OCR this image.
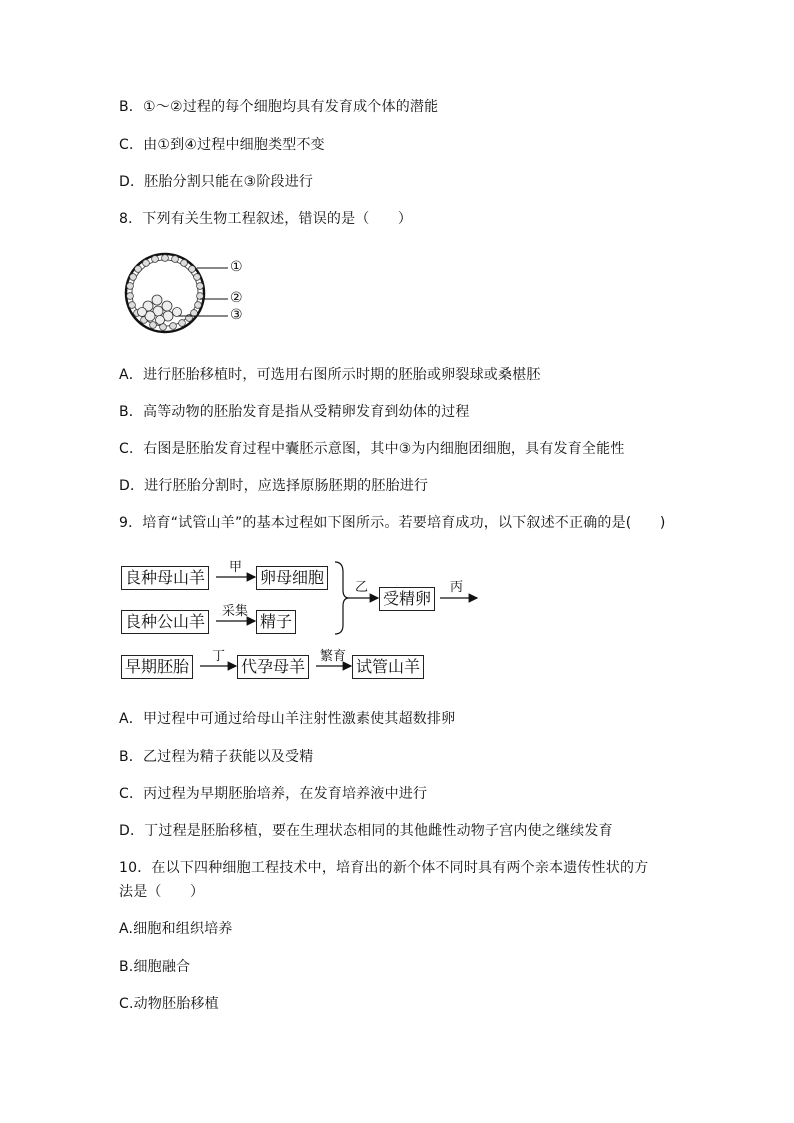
B．①～②过程的每个细胞均具有发育成个体的潜能
C．由①到④过程中细胞类型不变
D．胚胎分割只能在③阶段进行
8．下列有关生物工程叙述，错误的是（　　）
①
②
③
A．进行胚胎移植时，可选用右图所示时期的胚胎或卵裂球或桑椹胚
B．高等动物的胚胎发育是指从受精卵发育到幼体的过程
C．右图是胚胎发育过程中囊胚示意图，其中③为内细胞团细胞，具有发育全能性
D．进行胚胎分割时，应选择原肠胚期的胚胎进行
9．培育“试管山羊”的基本过程如下图所示。若要培育成功，以下叙述不正确的是(　　)
良种母山羊	卵母细胞
良种公山羊	精子
受精卵
早期胚胎	代孕母羊	试管山羊
甲
采集
乙	丙
丁	繁育
A．甲过程中可通过给母山羊注射性激素使其超数排卵
B．乙过程为精子获能以及受精
C．丙过程为早期胚胎培养，在发育培养液中进行
D．丁过程是胚胎移植，要在生理状态相同的其他雌性动物子宫内使之继续发育
10．在以下四种细胞工程技术中，培育出的新个体不同时具有两个亲本遗传性状的方
法是（　　）
A.细胞和组织培养
B.细胞融合
C.动物胚胎移植
